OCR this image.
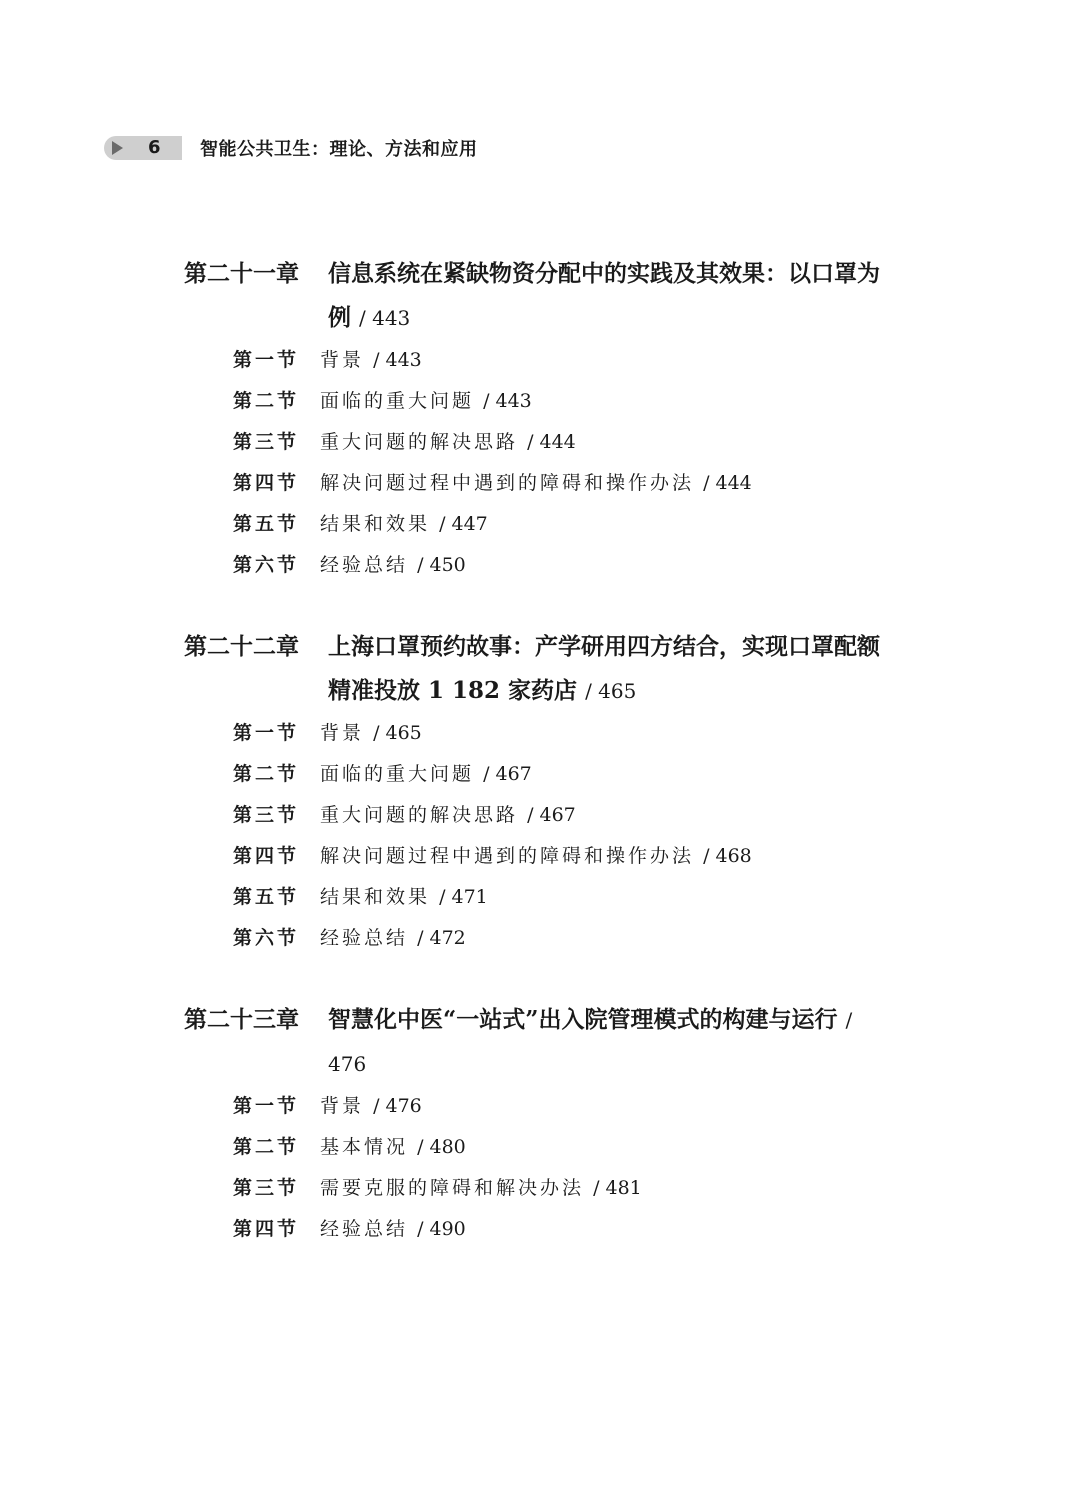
6 智能公共卫生：理论、方法和应用
第二十一章 信息系统在紧缺物资分配中的实践及其效果：以口罩为例 / 443
第一节 背景 / 443
第二节 面临的重大问题 / 443
第三节 重大问题的解决思路 / 444
第四节 解决问题过程中遇到的障碍和操作办法 / 444
第五节 结果和效果 / 447
第六节 经验总结 / 450
第二十二章 上海口罩预约故事：产学研用四方结合，实现口罩配额精准投放 1 182 家药店 / 465
第一节 背景 / 465
第二节 面临的重大问题 / 467
第三节 重大问题的解决思路 / 467
第四节 解决问题过程中遇到的障碍和操作办法 / 468
第五节 结果和效果 / 471
第六节 经验总结 / 472
第二十三章 智慧化中医“一站式”出入院管理模式的构建与运行 / 476
第一节 背景 / 476
第二节 基本情况 / 480
第三节 需要克服的障碍和解决办法 / 481
第四节 经验总结 / 490
